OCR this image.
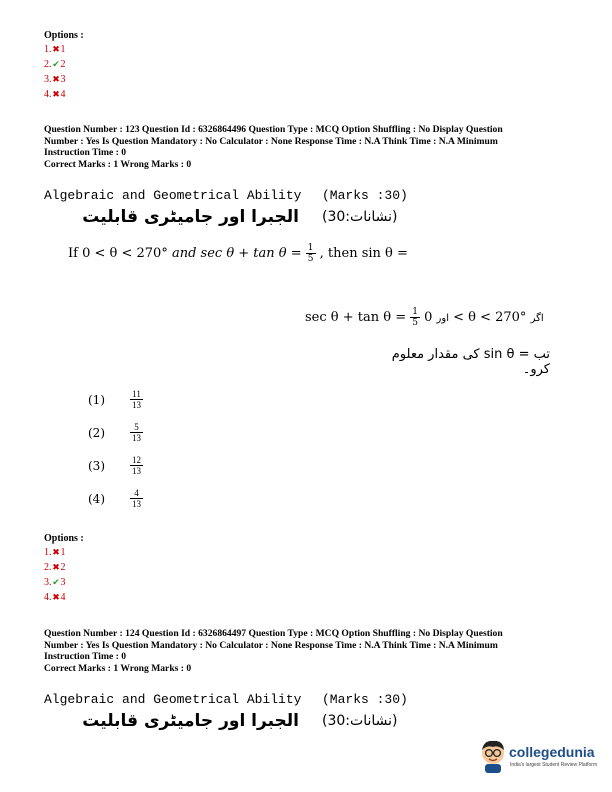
Options :
1.✖1
2.✔2
3.✖3
4.✖4
Question Number : 123 Question Id : 6326864496 Question Type : MCQ Option Shuffling : No Display Question
Number : Yes Is Question Mandatory : No Calculator : None Response Time : N.A Think Time : N.A Minimum
Instruction Time : 0
Correct Marks : 1 Wrong Marks : 0
Algebraic and Geometrical Ability (Marks :30)
الجبرا اور جامیٹری قابلیت (نشانات:30)
If 0 < θ < 270° and $\sec \theta + \tan \theta = \frac{1}{5}$ , then sin θ =
$\sec \theta + \tan \theta = \frac{1}{5}$ اور 0 < θ < 270° اگر
تب = sin θ کی مقدار معلوم کرو۔
(1)	$\frac{11}{13}$
(2)	$\frac{5}{13}$
(3)	$\frac{12}{13}$
(4)	$\frac{4}{13}$
Options :
1.✖1
2.✖2
3.✔3
4.✖4
Question Number : 124 Question Id : 6326864497 Question Type : MCQ Option Shuffling : No Display Question
Number : Yes Is Question Mandatory : No Calculator : None Response Time : N.A Think Time : N.A Minimum
Instruction Time : 0
Correct Marks : 1 Wrong Marks : 0
Algebraic and Geometrical Ability (Marks :30)
الجبرا اور جامیٹری قابلیت (نشانات:30)
collegedunia
India's largest Student Review Platform
